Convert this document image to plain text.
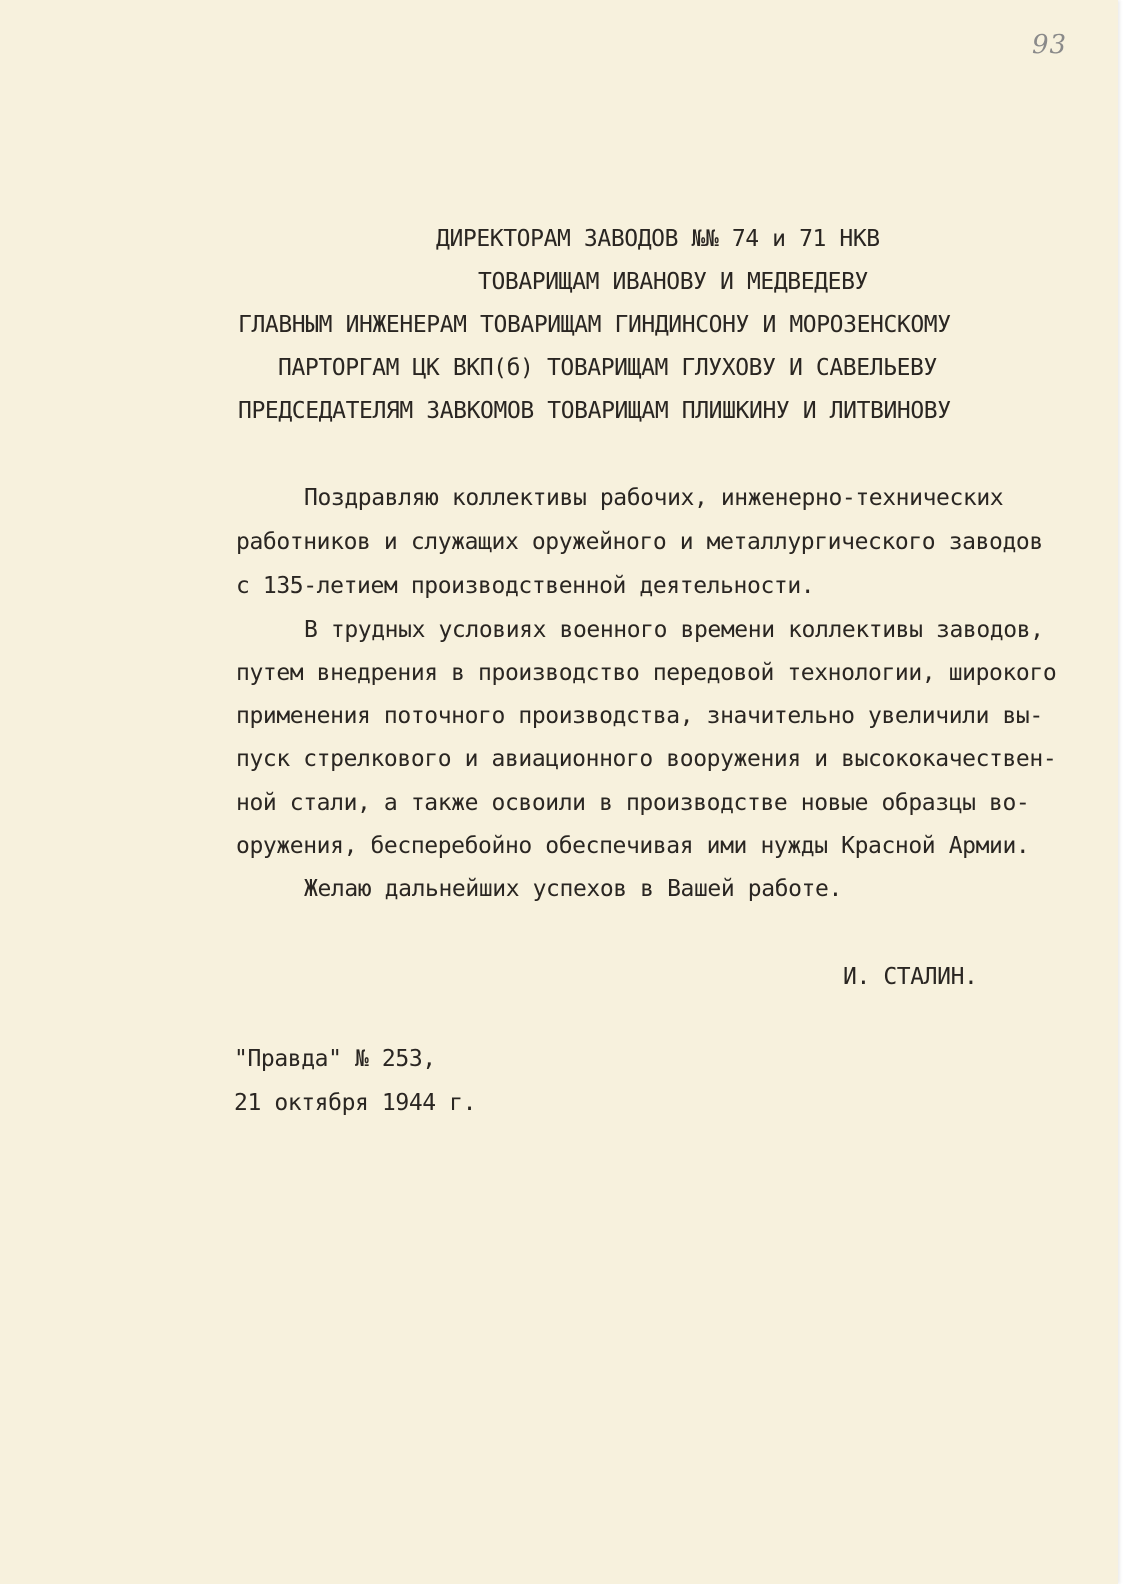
93
ДИРЕКТОРАМ ЗАВОДОВ №№ 74 и 71 НКВ
ТОВАРИЩАМ ИВАНОВУ И МЕДВЕДЕВУ
ГЛАВНЫМ ИНЖЕНЕРАМ ТОВАРИЩАМ ГИНДИНСОНУ И МОРОЗЕНСКОМУ
ПАРТОРГАМ ЦК ВКП(б) ТОВАРИЩАМ ГЛУХОВУ И САВЕЛЬЕВУ
ПРЕДСЕДАТЕЛЯМ ЗАВКОМОВ ТОВАРИЩАМ ПЛИШКИНУ И ЛИТВИНОВУ
Поздравляю коллективы рабочих, инженерно-технических
работников и служащих оружейного и металлургического заводов
с 135-летием производственной деятельности.
В трудных условиях военного времени коллективы заводов,
путем внедрения в производство передовой технологии, широкого
применения поточного производства, значительно увеличили вы-
пуск стрелкового и авиационного вооружения и высококачествен-
ной стали, а также освоили в производстве новые образцы во-
оружения, бесперебойно обеспечивая ими нужды Красной Армии.
Желаю дальнейших успехов в Вашей работе.
И. СТАЛИН.
"Правда" № 253,
21 октября 1944 г.
